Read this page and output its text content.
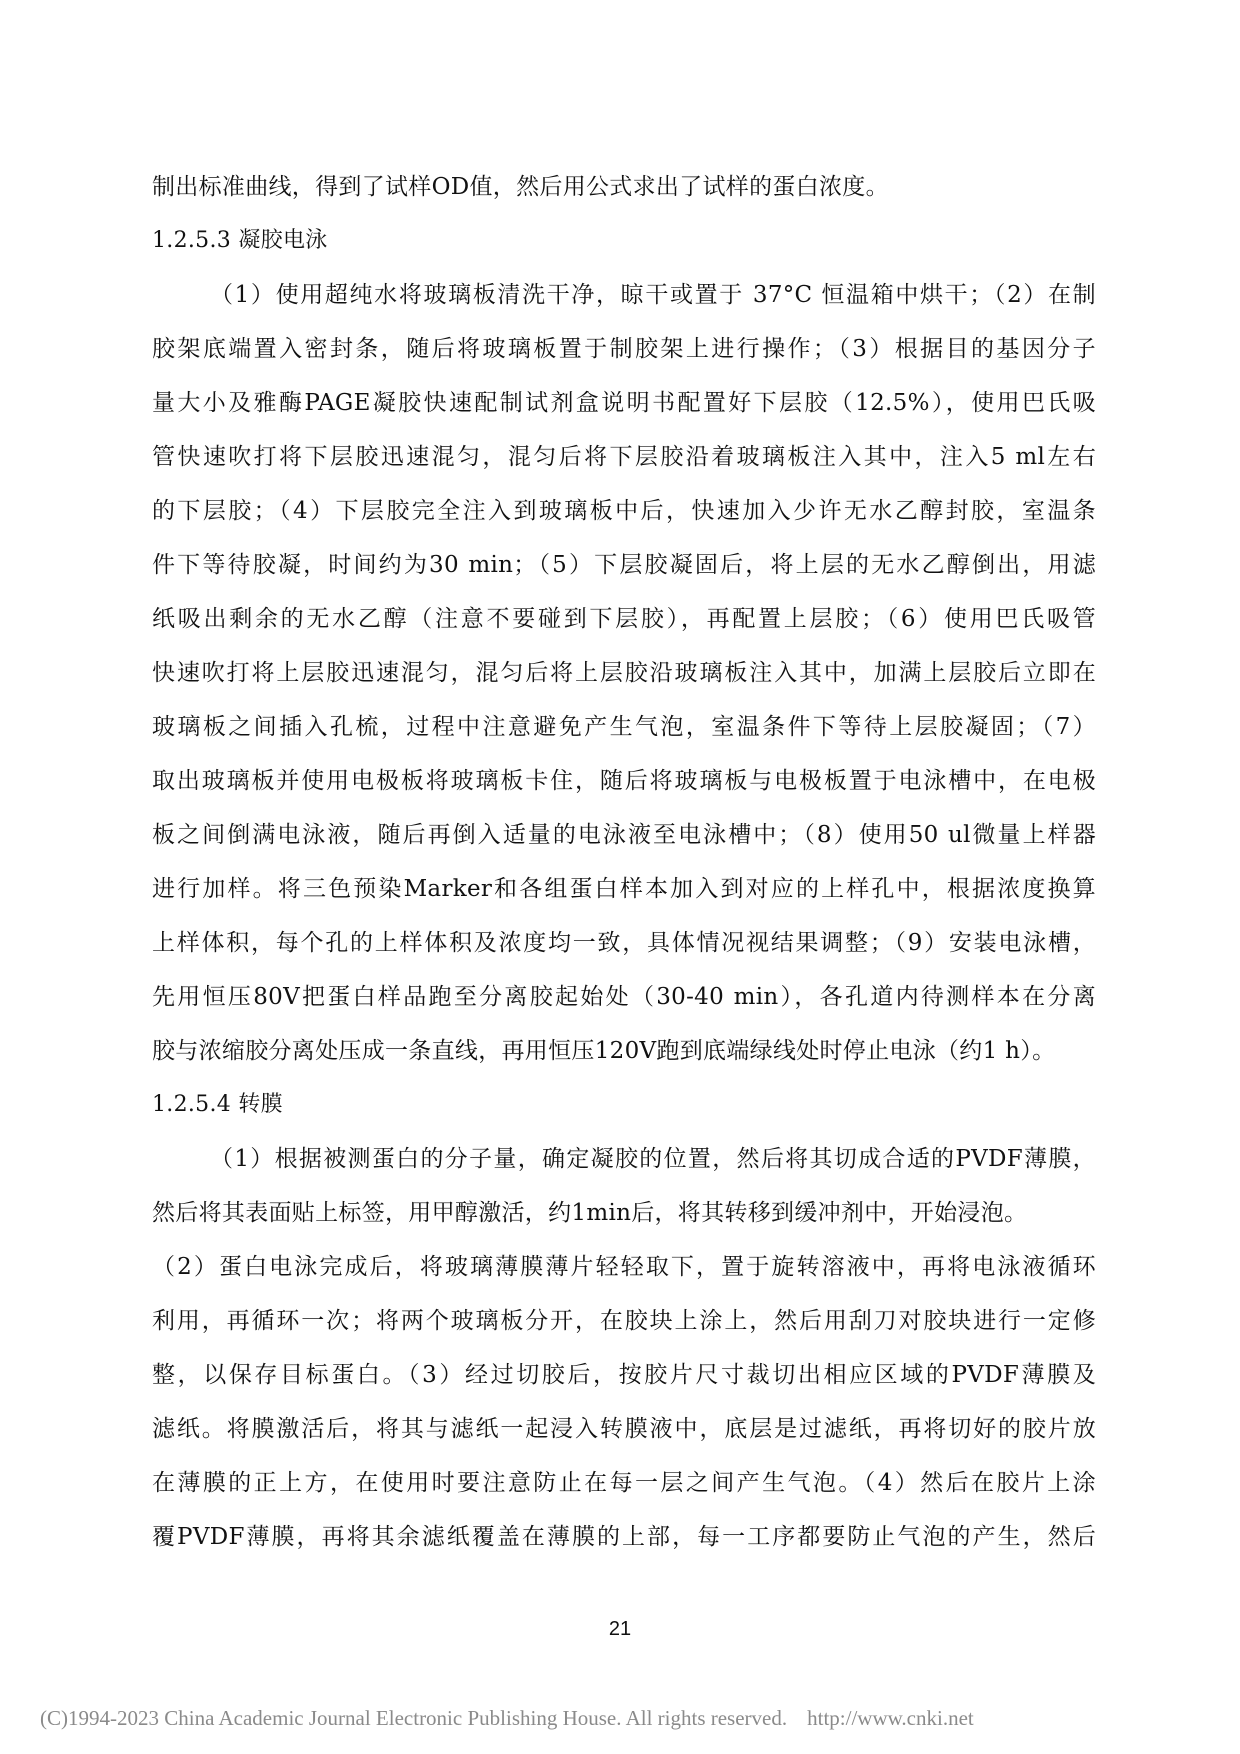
制出标准曲线，得到了试样OD值，然后用公式求出了试样的蛋白浓度。
1.2.5.3 凝胶电泳
（1）使用超纯水将玻璃板清洗干净，晾干或置于 37°C 恒温箱中烘干；（2）在制
胶架底端置入密封条，随后将玻璃板置于制胶架上进行操作；（3）根据目的基因分子
量大小及雅酶PAGE凝胶快速配制试剂盒说明书配置好下层胶（12.5%），使用巴氏吸
管快速吹打将下层胶迅速混匀，混匀后将下层胶沿着玻璃板注入其中，注入5 ml左右
的下层胶；（4）下层胶完全注入到玻璃板中后，快速加入少许无水乙醇封胶，室温条
件下等待胶凝，时间约为30 min；（5）下层胶凝固后，将上层的无水乙醇倒出，用滤
纸吸出剩余的无水乙醇（注意不要碰到下层胶），再配置上层胶；（6）使用巴氏吸管
快速吹打将上层胶迅速混匀，混匀后将上层胶沿玻璃板注入其中，加满上层胶后立即在
玻璃板之间插入孔梳，过程中注意避免产生气泡，室温条件下等待上层胶凝固；（7）
取出玻璃板并使用电极板将玻璃板卡住，随后将玻璃板与电极板置于电泳槽中，在电极
板之间倒满电泳液，随后再倒入适量的电泳液至电泳槽中；（8）使用50 ul微量上样器
进行加样。将三色预染Marker和各组蛋白样本加入到对应的上样孔中，根据浓度换算
上样体积，每个孔的上样体积及浓度均一致，具体情况视结果调整；（9）安装电泳槽，
先用恒压80V把蛋白样品跑至分离胶起始处（30-40 min），各孔道内待测样本在分离
胶与浓缩胶分离处压成一条直线，再用恒压120V跑到底端绿线处时停止电泳（约1 h）。
1.2.5.4 转膜
（1）根据被测蛋白的分子量，确定凝胶的位置，然后将其切成合适的PVDF薄膜，
然后将其表面贴上标签，用甲醇激活，约1min后，将其转移到缓冲剂中，开始浸泡。
（2）蛋白电泳完成后，将玻璃薄膜薄片轻轻取下，置于旋转溶液中，再将电泳液循环
利用，再循环一次；将两个玻璃板分开，在胶块上涂上，然后用刮刀对胶块进行一定修
整，以保存目标蛋白。（3）经过切胶后，按胶片尺寸裁切出相应区域的PVDF薄膜及
滤纸。将膜激活后，将其与滤纸一起浸入转膜液中，底层是过滤纸，再将切好的胶片放
在薄膜的正上方，在使用时要注意防止在每一层之间产生气泡。（4）然后在胶片上涂
覆PVDF薄膜，再将其余滤纸覆盖在薄膜的上部，每一工序都要防止气泡的产生，然后
21
(C)1994-2023 China Academic Journal Electronic Publishing House. All rights reserved. http://www.cnki.net
